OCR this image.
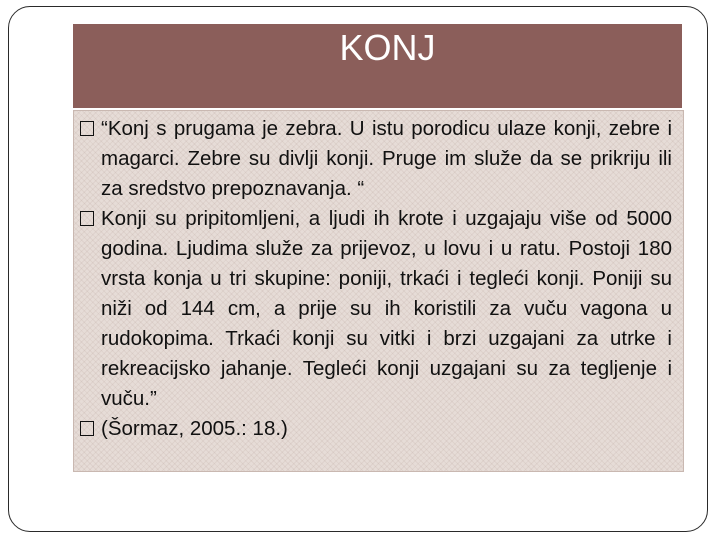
KONJ
“Konj s prugama je zebra. U istu porodicu ulaze konji, zebre i magarci. Zebre su divlji konji. Pruge im služe da se prikriju ili za sredstvo prepoznavanja. “
Konji su pripitomljeni, a ljudi ih krote i uzgajaju više od 5000 godina. Ljudima služe za prijevoz, u lovu i u ratu. Postoji 180 vrsta konja u tri skupine: poniji, trkaći i tegleći konji. Poniji su niži od 144 cm, a prije su ih koristili za vuču vagona u rudokopima. Trkaći konji su vitki i brzi uzgajani za utrke i rekreacijsko jahanje. Tegleći konji uzgajani su za tegljenje i vuču.”
(Šormaz, 2005.: 18.)
